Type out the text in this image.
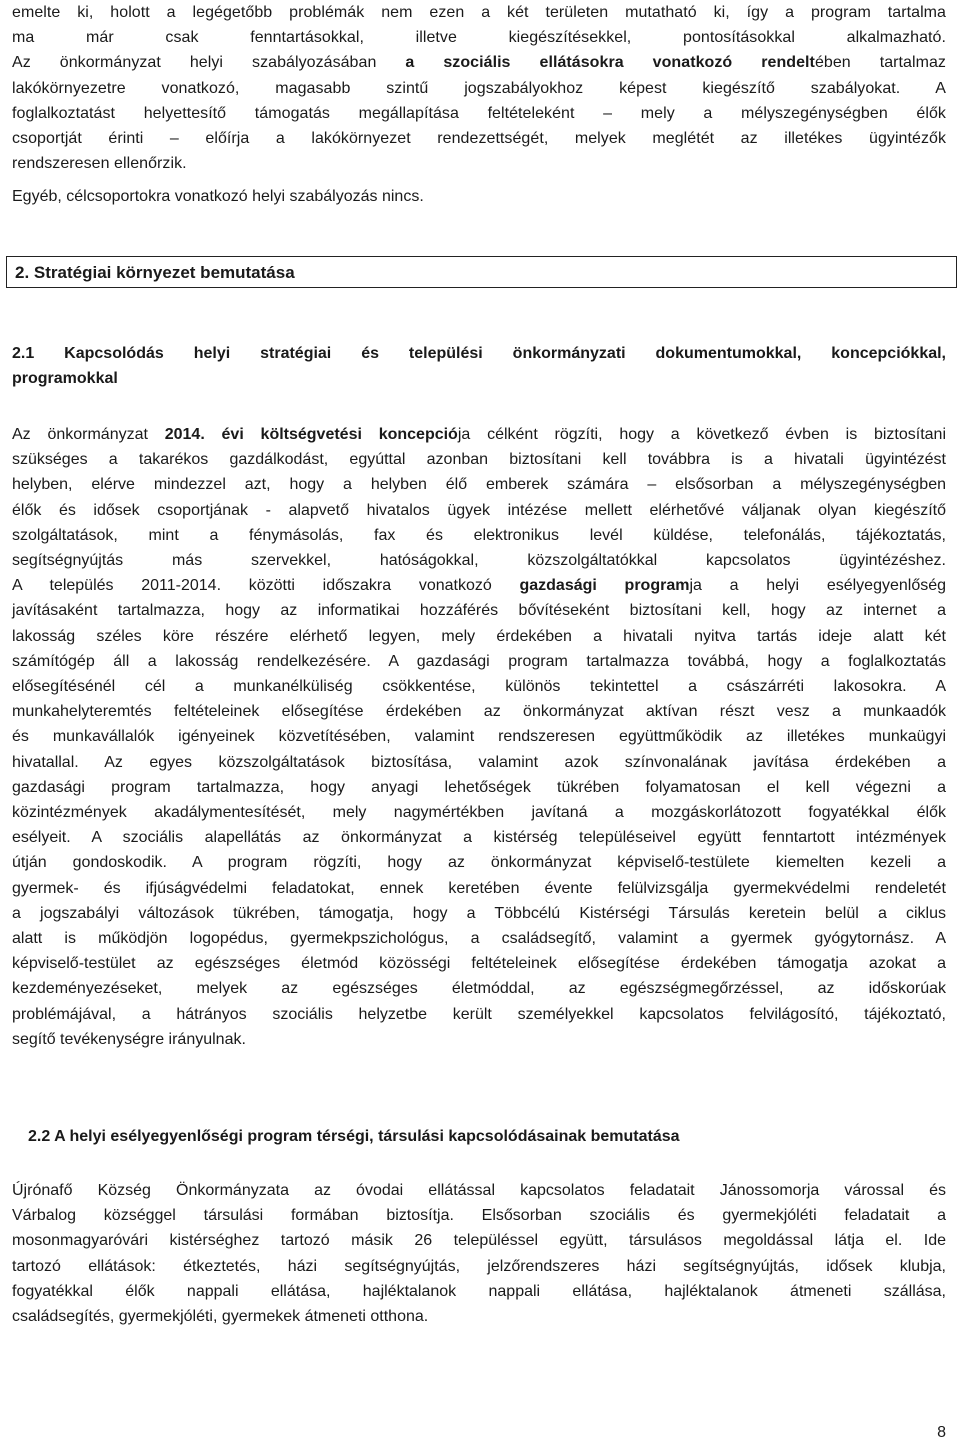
emelte ki, holott a legégetőbb problémák nem ezen a két területen mutatható ki, így a program tartalma
ma már csak fenntartásokkal, illetve kiegészítésekkel, pontosításokkal alkalmazható.
Az önkormányzat helyi szabályozásában a szociális ellátásokra vonatkozó rendeltében tartalmaz
lakókörnyezetre vonatkozó, magasabb szintű jogszabályokhoz képest kiegészítő szabályokat. A
foglalkoztatást helyettesítő támogatás megállapítása feltételeként – mely a mélyszegénységben élők
csoportját érinti – előírja a lakókörnyezet rendezettségét, melyek meglétét az illetékes ügyintézők
rendszeresen ellenőrzik.

Egyéb, célcsoportokra vonatkozó helyi szabályozás nincs.

2. Stratégiai környezet bemutatása
2.1 Kapcsolódás helyi stratégiai és települési önkormányzati dokumentumokkal, koncepciókkal,
programokkal
Az önkormányzat 2014. évi költségvetési koncepciója célként rögzíti, hogy a következő évben is biztosítani
szükséges a takarékos gazdálkodást, egyúttal azonban biztosítani kell továbbra is a hivatali ügyintézést
helyben, elérve mindezzel azt, hogy a helyben élő emberek számára – elsősorban a mélyszegénységben
élők és idősek csoportjának - alapvető hivatalos ügyek intézése mellett elérhetővé váljanak olyan kiegészítő
szolgáltatások, mint a fénymásolás, fax és elektronikus levél küldése, telefonálás, tájékoztatás,
segítségnyújtás más szervekkel, hatóságokkal, közszolgáltatókkal kapcsolatos ügyintézéshez.
A település 2011-2014. közötti időszakra vonatkozó gazdasági programja a helyi esélyegyenlőség
javításaként tartalmazza, hogy az informatikai hozzáférés bővítéseként biztosítani kell, hogy az internet a
lakosság széles köre részére elérhető legyen, mely érdekében a hivatali nyitva tartás ideje alatt két
számítógép áll a lakosság rendelkezésére. A gazdasági program tartalmazza továbbá, hogy a foglalkoztatás
elősegítésénél cél a munkanélküliség csökkentése, különös tekintettel a császárréti lakosokra. A
munkahelyteremtés feltételeinek elősegítése érdekében az önkormányzat aktívan részt vesz a munkaadók
és munkavállalók igényeinek közvetítésében, valamint rendszeresen együttműködik az illetékes munkaügyi
hivatallal. Az egyes közszolgáltatások biztosítása, valamint azok színvonalának javítása érdekében a
gazdasági program tartalmazza, hogy anyagi lehetőségek tükrében folyamatosan el kell végezni a
közintézmények akadálymentesítését, mely nagymértékben javítaná a mozgáskorlátozott fogyatékkal élők
esélyeit. A szociális alapellátás az önkormányzat a kistérség településeivel együtt fenntartott intézmények
útján gondoskodik. A program rögzíti, hogy az önkormányzat képviselő-testülete kiemelten kezeli a
gyermek- és ifjúságvédelmi feladatokat, ennek keretében évente felülvizsgálja gyermekvédelmi rendeletét
a jogszabályi változások tükrében, támogatja, hogy a Többcélú Kistérségi Társulás keretein belül a ciklus
alatt is működjön logopédus, gyermekpszichológus, a családsegítő, valamint a gyermek gyógytornász. A
képviselő-testület az egészséges életmód közösségi feltételeinek elősegítése érdekében támogatja azokat a
kezdeményezéseket, melyek az egészséges életmóddal, az egészségmegőrzéssel, az időskorúak
problémájával, a hátrányos szociális helyzetbe került személyekkel kapcsolatos felvilágosító, tájékoztató,
segítő tevékenységre irányulnak.
2.2 A helyi esélyegyenlőségi program térségi, társulási kapcsolódásainak bemutatása
Újrónafő Község Önkormányzata az óvodai ellátással kapcsolatos feladatait Jánossomorja várossal és
Várbalog községgel társulási formában biztosítja. Elsősorban szociális és gyermekjóléti feladatait a
mosonmagyaróvári kistérséghez tartozó másik 26 településsel együtt, társulásos megoldással látja el. Ide
tartozó ellátások: étkeztetés, házi segítségnyújtás, jelzőrendszeres házi segítségnyújtás, idősek klubja,
fogyatékkal élők nappali ellátása, hajléktalanok nappali ellátása, hajléktalanok átmeneti szállása,
családsegítés, gyermekjóléti, gyermekek átmeneti otthona.

8
